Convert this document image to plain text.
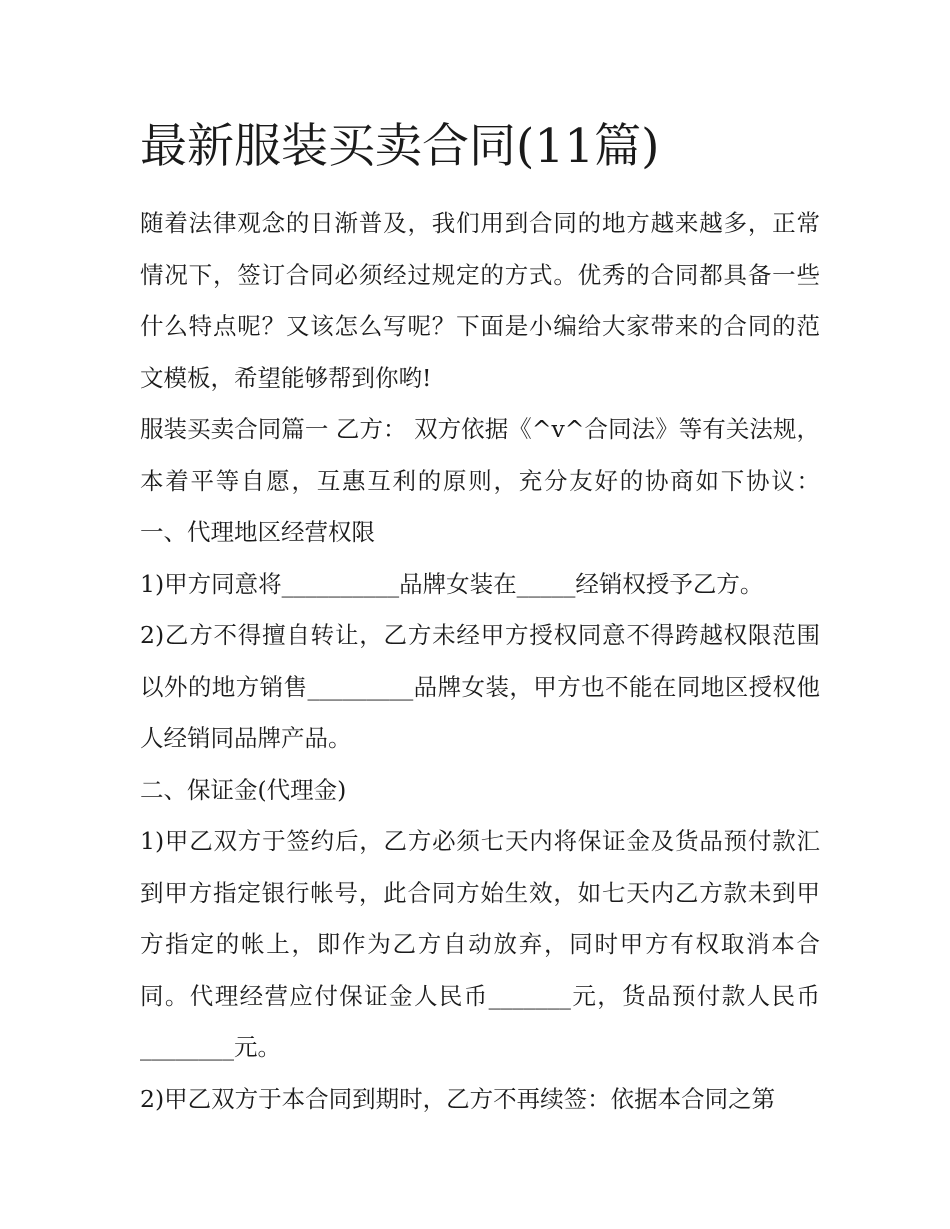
最新服装买卖合同(11篇)

随着法律观念的日渐普及，我们用到合同的地方越来越多，正常情况下，签订合同必须经过规定的方式。优秀的合同都具备一些什么特点呢？又该怎么写呢？下面是小编给大家带来的合同的范文模板，希望能够帮到你哟!

服装买卖合同篇一 乙方： 双方依据《^v^合同法》等有关法规，本着平等自愿，互惠互利的原则，充分友好的协商如下协议： 一、代理地区经营权限

1)甲方同意将__________品牌女装在_____经销权授予乙方。

2)乙方不得擅自转让，乙方未经甲方授权同意不得跨越权限范围以外的地方销售_________品牌女装，甲方也不能在同地区授权他人经销同品牌产品。

二、保证金(代理金)

1)甲乙双方于签约后，乙方必须七天内将保证金及货品预付款汇到甲方指定银行帐号，此合同方始生效，如七天内乙方款未到甲方指定的帐上，即作为乙方自动放弃，同时甲方有权取消本合同。代理经营应付保证金人民币_______元，货品预付款人民币________元。

2)甲乙双方于本合同到期时，乙方不再续签：依据本合同之第
